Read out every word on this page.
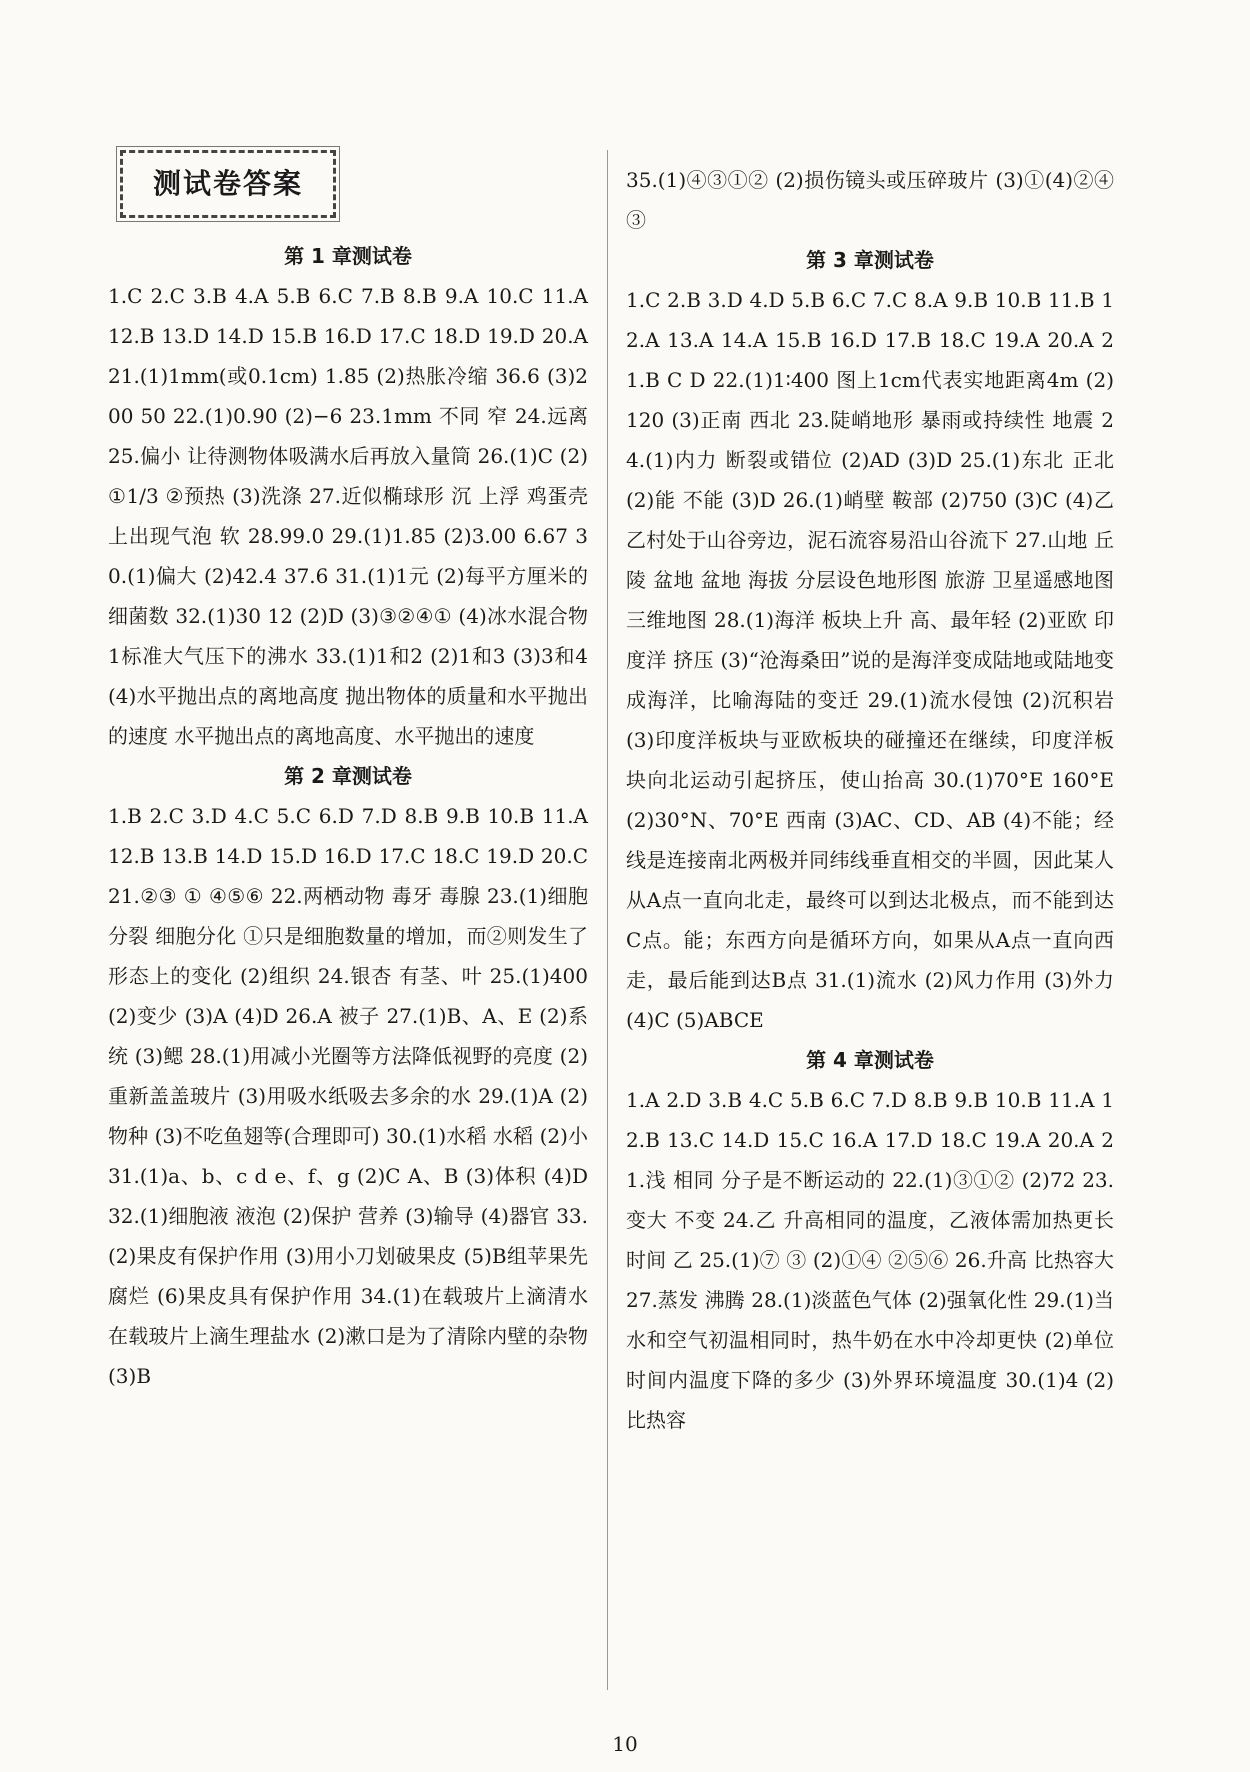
测试卷答案
第 1 章测试卷

1.C 2.C 3.B 4.A 5.B 6.C 7.B 8.B 9.A 10.C 11.A 12.B 13.D 14.D 15.B 16.D 17.C 18.D 19.D 20.A 21.(1)1mm(或0.1cm) 1.85 (2)热胀冷缩 36.6 (3)200 50 22.(1)0.90 (2)−6 23.1mm 不同 窄 24.远离 25.偏小 让待测物体吸满水后再放入量筒 26.(1)C (2)①1/3 ②预热 (3)洗涤 27.近似椭球形 沉 上浮 鸡蛋壳上出现气泡 软 28.99.0 29.(1)1.85 (2)3.00 6.67 30.(1)偏大 (2)42.4 37.6 31.(1)1元 (2)每平方厘米的细菌数 32.(1)30 12 (2)D (3)③②④① (4)冰水混合物 1标准大气压下的沸水 33.(1)1和2 (2)1和3 (3)3和4 (4)水平抛出点的离地高度 抛出物体的质量和水平抛出的速度 水平抛出点的离地高度、水平抛出的速度

第 2 章测试卷

1.B 2.C 3.D 4.C 5.C 6.D 7.D 8.B 9.B 10.B 11.A 12.B 13.B 14.D 15.D 16.D 17.C 18.C 19.D 20.C 21.②③ ① ④⑤⑥ 22.两栖动物 毒牙 毒腺 23.(1)细胞分裂 细胞分化 ①只是细胞数量的增加，而②则发生了形态上的变化 (2)组织 24.银杏 有茎、叶 25.(1)400 (2)变少 (3)A (4)D 26.A 被子 27.(1)B、A、E (2)系统 (3)鳃 28.(1)用减小光圈等方法降低视野的亮度 (2)重新盖盖玻片 (3)用吸水纸吸去多余的水 29.(1)A (2)物种 (3)不吃鱼翅等(合理即可) 30.(1)水稻 水稻 (2)小 31.(1)a、b、c d e、f、g (2)C A、B (3)体积 (4)D 32.(1)细胞液 液泡 (2)保护 营养 (3)输导 (4)器官 33.(2)果皮有保护作用 (3)用小刀划破果皮 (5)B组苹果先腐烂 (6)果皮具有保护作用 34.(1)在载玻片上滴清水 在载玻片上滴生理盐水 (2)漱口是为了清除内壁的杂物 (3)B

35.(1)④③①② (2)损伤镜头或压碎玻片 (3)①(4)②④③

第 3 章测试卷

1.C 2.B 3.D 4.D 5.B 6.C 7.C 8.A 9.B 10.B 11.B 12.A 13.A 14.A 15.B 16.D 17.B 18.C 19.A 20.A 21.B C D 22.(1)1∶400 图上1cm代表实地距离4m (2)120 (3)正南 西北 23.陡峭地形 暴雨或持续性 地震 24.(1)内力 断裂或错位 (2)AD (3)D 25.(1)东北 正北 (2)能 不能 (3)D 26.(1)峭壁 鞍部 (2)750 (3)C (4)乙 乙村处于山谷旁边，泥石流容易沿山谷流下 27.山地 丘陵 盆地 盆地 海拔 分层设色地形图 旅游 卫星遥感地图 三维地图 28.(1)海洋 板块上升 高、最年轻 (2)亚欧 印度洋 挤压 (3)“沧海桑田”说的是海洋变成陆地或陆地变成海洋，比喻海陆的变迁 29.(1)流水侵蚀 (2)沉积岩 (3)印度洋板块与亚欧板块的碰撞还在继续，印度洋板块向北运动引起挤压，使山抬高 30.(1)70°E 160°E (2)30°N、70°E 西南 (3)AC、CD、AB (4)不能；经线是连接南北两极并同纬线垂直相交的半圆，因此某人从A点一直向北走，最终可以到达北极点，而不能到达C点。能；东西方向是循环方向，如果从A点一直向西走，最后能到达B点 31.(1)流水 (2)风力作用 (3)外力 (4)C (5)ABCE

第 4 章测试卷

1.A 2.D 3.B 4.C 5.B 6.C 7.D 8.B 9.B 10.B 11.A 12.B 13.C 14.D 15.C 16.A 17.D 18.C 19.A 20.A 21.浅 相同 分子是不断运动的 22.(1)③①② (2)72 23.变大 不变 24.乙 升高相同的温度，乙液体需加热更长时间 乙 25.(1)⑦ ③ (2)①④ ②⑤⑥ 26.升高 比热容大 27.蒸发 沸腾 28.(1)淡蓝色气体 (2)强氧化性 29.(1)当水和空气初温相同时，热牛奶在水中冷却更快 (2)单位时间内温度下降的多少 (3)外界环境温度 30.(1)4 (2)比热容

10
